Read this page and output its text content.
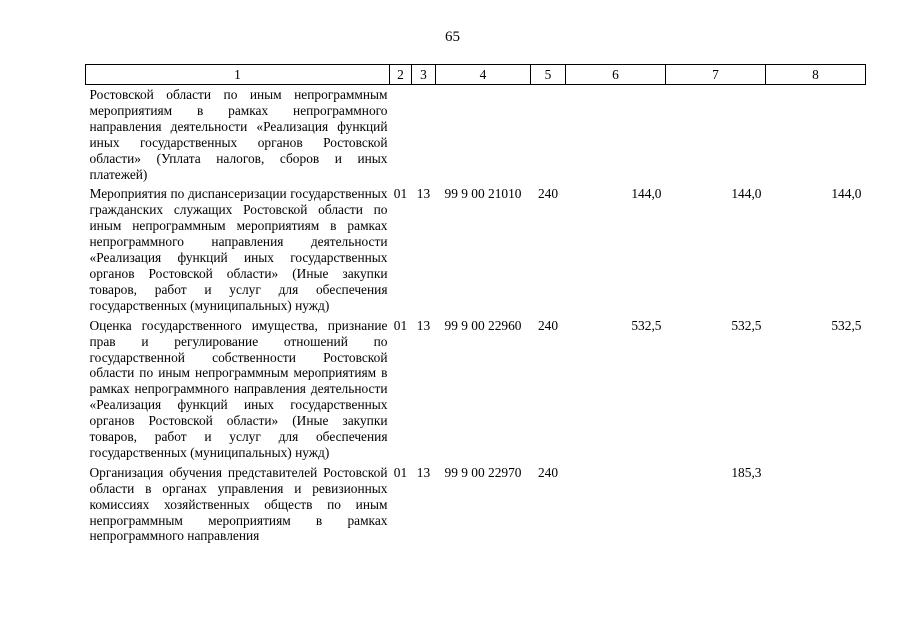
65
1	2	3	4	5	6	7	8
Ростовской области по иным непрограммным мероприятиям в рамках непрограммного направления деятельности «Реализация функций иных государственных органов Ростовской области» (Уплата налогов, сборов и иных платежей)							
Мероприятия по диспансеризации государственных гражданских служащих Ростовской области по иным непрограммным мероприятиям в рамках непрограммного направления деятельности «Реализация функций иных государственных органов Ростовской области» (Иные закупки товаров, работ и услуг для обеспечения государственных (муниципальных) нужд)	01	13	99 9 00 21010	240	144,0	144,0	144,0
Оценка государственного имущества, признание прав и регулирование отношений по государственной собственности Ростовской области по иным непрограммным мероприятиям в рамках непрограммного направления деятельности «Реализация функций иных государственных органов Ростовской области» (Иные закупки товаров, работ и услуг для обеспечения государственных (муниципальных) нужд)	01	13	99 9 00 22960	240	532,5	532,5	532,5
Организация обучения представителей Ростовской области в органах управления и ревизионных комиссиях хозяйственных обществ по иным непрограммным мероприятиям в рамках непрограммного направления	01	13	99 9 00 22970	240		185,3	
